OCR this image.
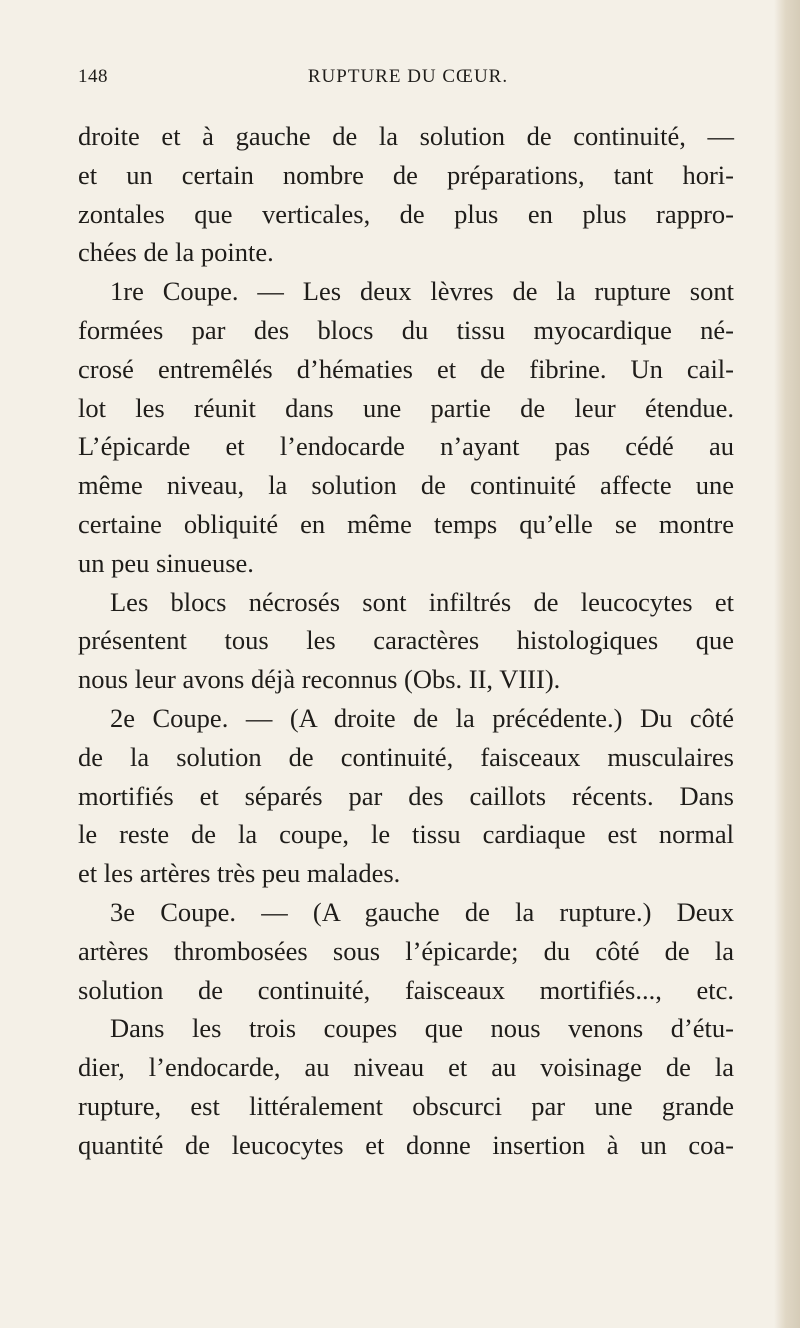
148	RUPTURE DU CŒUR.
droite et à gauche de la solution de continuité, —
et un certain nombre de préparations, tant hori-
zontales que verticales, de plus en plus rappro-
chées de la pointe.
1re Coupe. — Les deux lèvres de la rupture sont
formées par des blocs du tissu myocardique né-
crosé entremêlés d’hématies et de fibrine. Un cail-
lot les réunit dans une partie de leur étendue.
L’épicarde et l’endocarde n’ayant pas cédé au
même niveau, la solution de continuité affecte une
certaine obliquité en même temps qu’elle se montre
un peu sinueuse.
Les blocs nécrosés sont infiltrés de leucocytes et
présentent tous les caractères histologiques que
nous leur avons déjà reconnus (Obs. II, VIII).
2e Coupe. — (A droite de la précédente.) Du côté
de la solution de continuité, faisceaux musculaires
mortifiés et séparés par des caillots récents. Dans
le reste de la coupe, le tissu cardiaque est normal
et les artères très peu malades.
3e Coupe. — (A gauche de la rupture.) Deux
artères thrombosées sous l’épicarde; du côté de la
solution de continuité, faisceaux mortifiés..., etc.
Dans les trois coupes que nous venons d’étu-
dier, l’endocarde, au niveau et au voisinage de la
rupture, est littéralement obscurci par une grande
quantité de leucocytes et donne insertion à un coa-
